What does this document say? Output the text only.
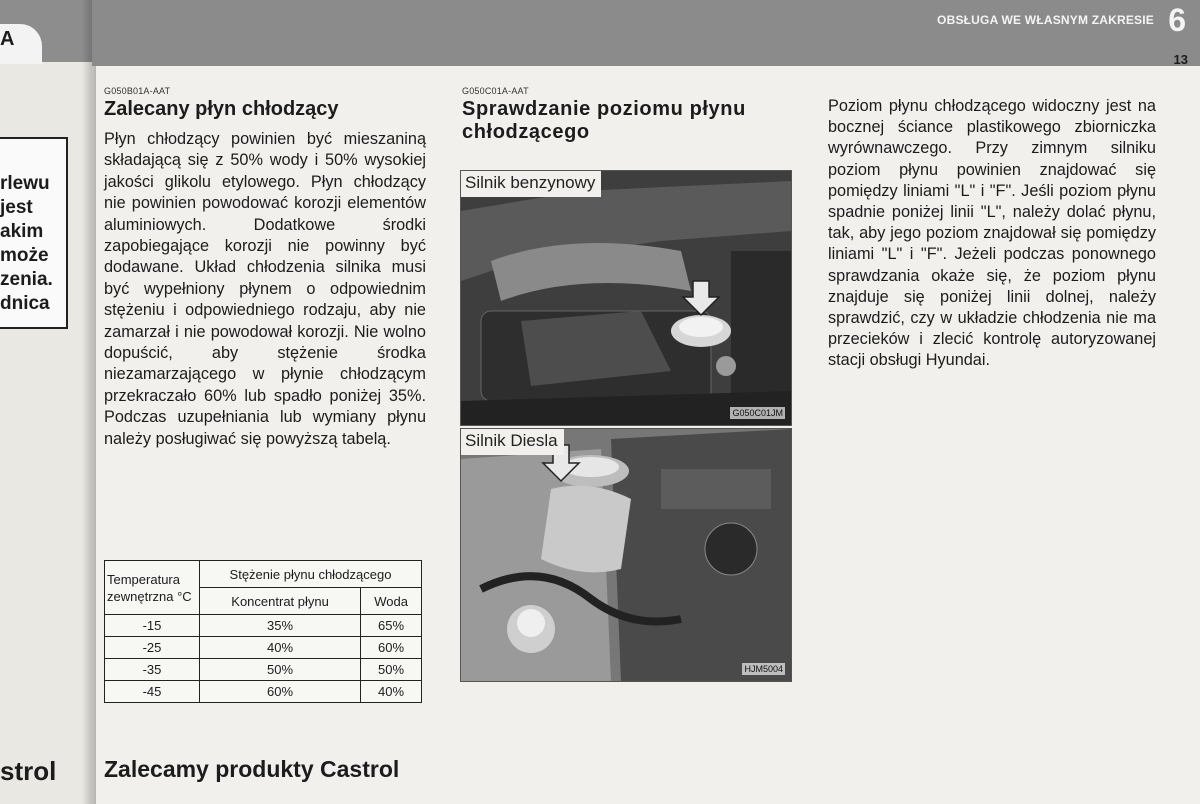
A
rlewu
jest
akim
może
zenia.
dnica
strol
OBSŁUGA WE WŁASNYM ZAKRESIE 6
13
G050B01A-AAT
Zalecany płyn chłodzący

Płyn chłodzący powinien być mieszaniną składającą się z 50% wody i 50% wysokiej jakości glikolu etylowego. Płyn chłodzący nie powinien powodować korozji elementów aluminiowych. Dodatkowe środki zapobiegające korozji nie powinny być dodawane. Układ chłodzenia silnika musi być wypełniony płynem o odpowiednim stężeniu i odpowiedniego rodzaju, aby nie zamarzał i nie powodował korozji. Nie wolno dopuścić, aby stężenie środka niezamarzającego w płynie chłodzącym przekraczało 60% lub spadło poniżej 35%. Podczas uzupełniania lub wymiany płynu należy posługiwać się powyższą tabelą.

Temperatura zewnętrzna °C	Stężenie płynu chłodzącego	
	Koncentrat płynu	Woda
-15	35%	65%
-25	40%	60%
-35	50%	50%
-45	60%	40%
Zalecamy produkty Castrol
G050C01A-AAT
Sprawdzanie poziomu płynu chłodzącego
Silnik benzynowy
G050C01JM
Silnik Diesla
HJM5004

Poziom płynu chłodzącego widoczny jest na bocznej ściance plastikowego zbiorniczka wyrównawczego. Przy zimnym silniku poziom płynu powinien znajdować się pomiędzy liniami "L" i "F". Jeśli poziom płynu spadnie poniżej linii "L", należy dolać płynu, tak, aby jego poziom znajdował się pomiędzy liniami "L" i "F". Jeżeli podczas ponownego sprawdzania okaże się, że poziom płynu znajduje się poniżej linii dolnej, należy sprawdzić, czy w układzie chłodzenia nie ma przecieków i zlecić kontrolę autoryzowanej stacji obsługi Hyundai.
